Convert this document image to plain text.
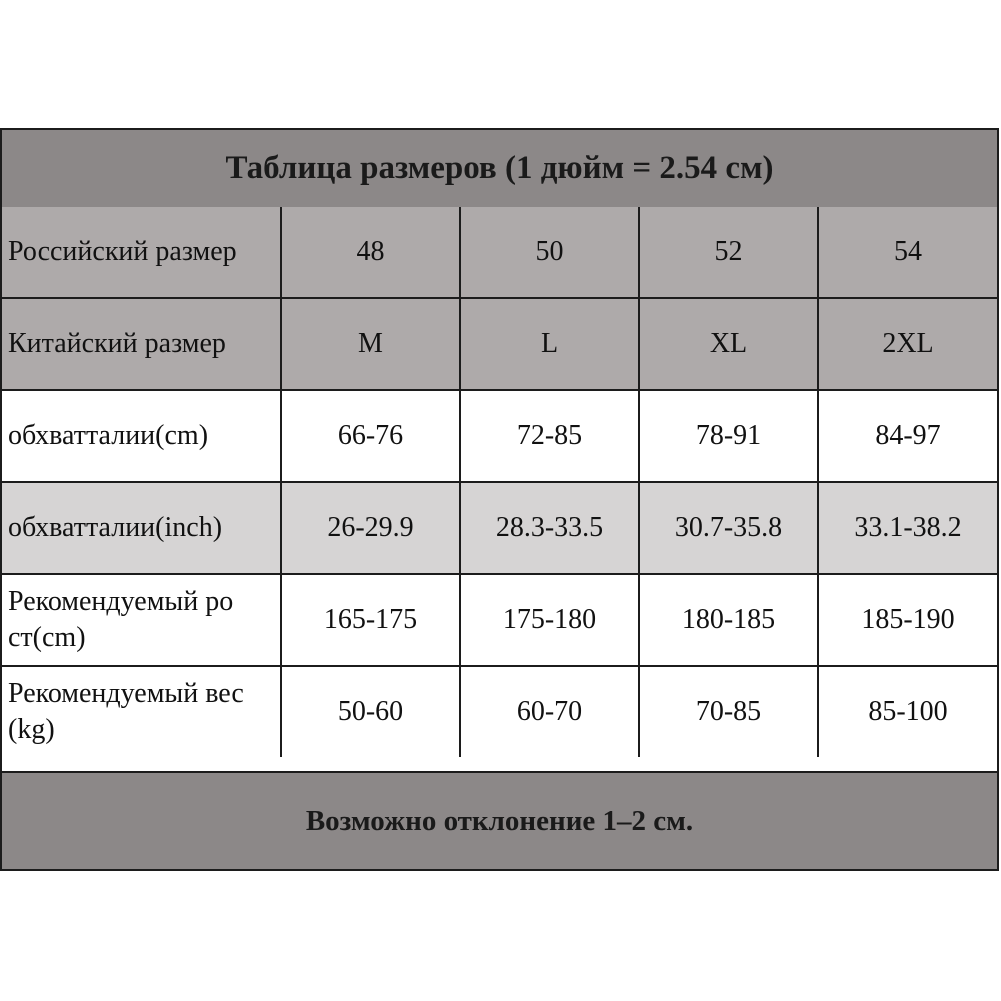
Таблица размеров (1 дюйм = 2.54 см)
Российский размер	48	50	52	54
Китайский размер	M	L	XL	2XL
обхватталии(cm)	66-76	72-85	78-91	84-97
обхватталии(inch)	26-29.9	28.3-33.5	30.7-35.8	33.1-38.2
Рекомендуемый ро ст(cm)	165-175	175-180	180-185	185-190
Рекомендуемый вес (kg)	50-60	60-70	70-85	85-100
Возможно отклонение 1–2 см.
